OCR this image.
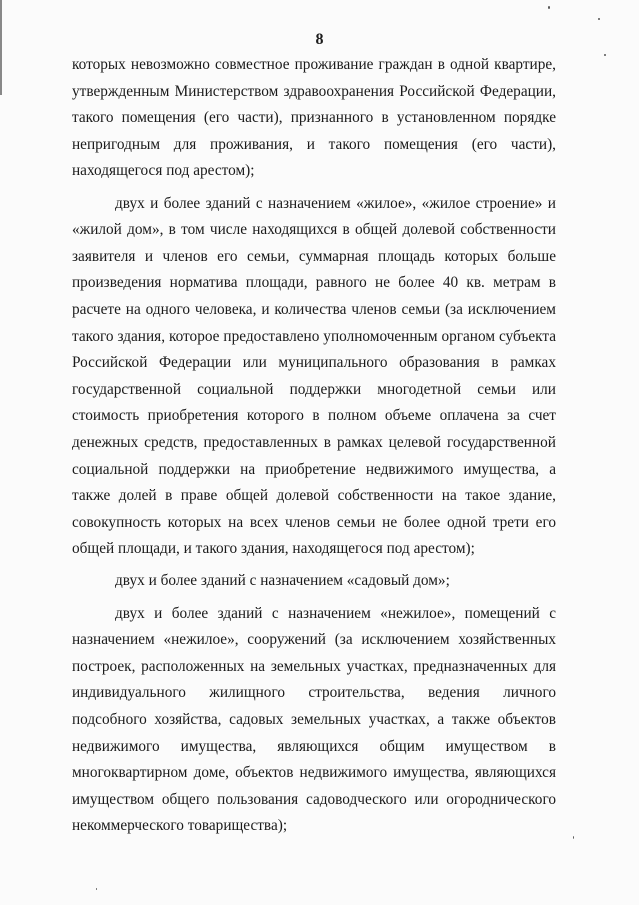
8

которых невозможно совместное проживание граждан в одной квартире, утвержденным Министерством здравоохранения Российской Федерации, такого помещения (его части), признанного в установленном порядке непригодным для проживания, и такого помещения (его части), находящегося под арестом);

двух и более зданий с назначением «жилое», «жилое строение» и «жилой дом», в том числе находящихся в общей долевой собственности заявителя и членов его семьи, суммарная площадь которых больше произведения норматива площади, равного не более 40 кв. метрам в расчете на одного человека, и количества членов семьи (за исключением такого здания, которое предоставлено уполномоченным органом субъекта Российской Федерации или муниципального образования в рамках государственной социальной поддержки многодетной семьи или стоимость приобретения которого в полном объеме оплачена за счет денежных средств, предоставленных в рамках целевой государственной социальной поддержки на приобретение недвижимого имущества, а также долей в праве общей долевой собственности на такое здание, совокупность которых на всех членов семьи не более одной трети его общей площади, и такого здания, находящегося под арестом);

двух и более зданий с назначением «садовый дом»;

двух и более зданий с назначением «нежилое», помещений с назначением «нежилое», сооружений (за исключением хозяйственных построек, расположенных на земельных участках, предназначенных для индивидуального жилищного строительства, ведения личного подсобного хозяйства, садовых земельных участках, а также объектов недвижимого имущества, являющихся общим имуществом в многоквартирном доме, объектов недвижимого имущества, являющихся имуществом общего пользования садоводческого или огороднического некоммерческого товарищества);
